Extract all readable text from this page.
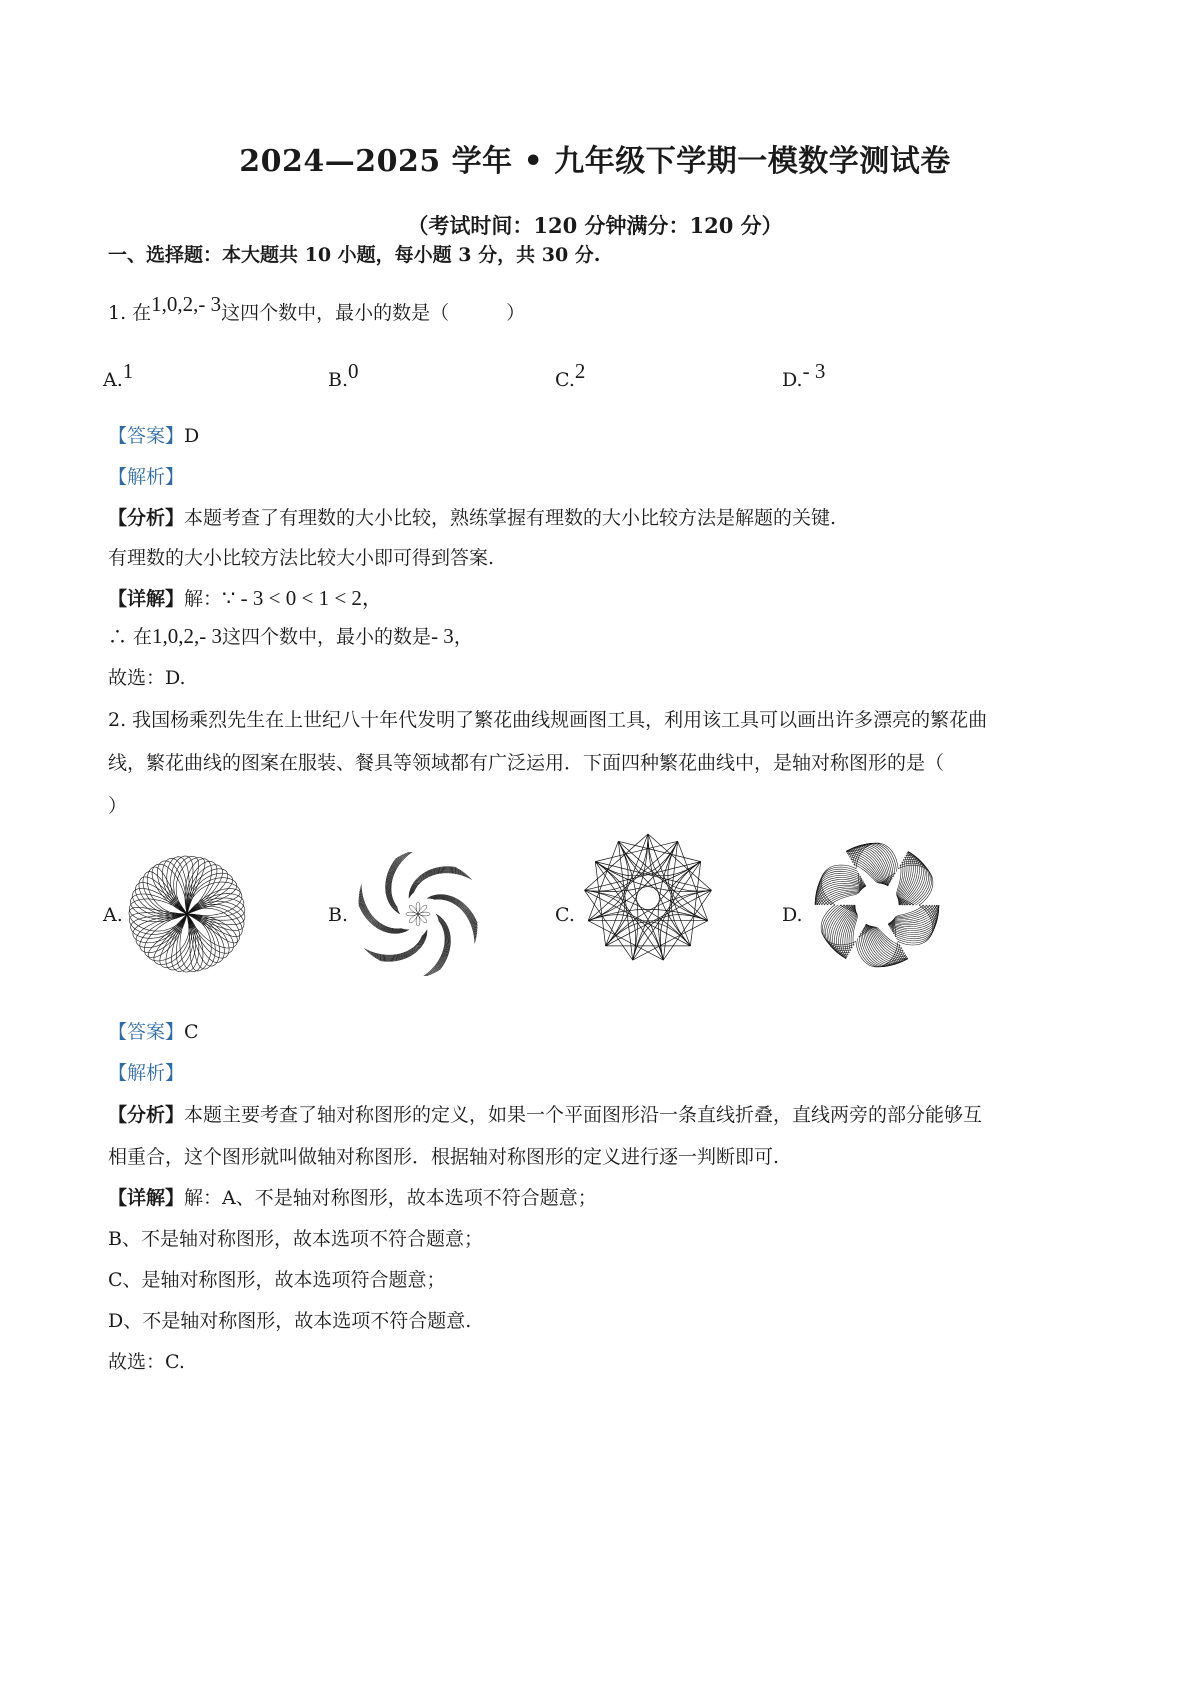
2024—2025 学年 • 九年级下学期一模数学测试卷
（考试时间：120 分钟满分：120 分）
一、选择题：本大题共 10 小题，每小题 3 分，共 30 分.
1. 在1,0,2,- 3这四个数中，最小的数是（　　　）
A.1	B.0	C.2	D.- 3
【答案】D
【解析】
【分析】本题考查了有理数的大小比较，熟练掌握有理数的大小比较方法是解题的关键.
有理数的大小比较方法比较大小即可得到答案.
【详解】解：∵ - 3 < 0 < 1 < 2，
∴ 在1,0,2,- 3这四个数中，最小的数是- 3，
故选：D.
2. 我国杨乘烈先生在上世纪八十年代发明了繁花曲线规画图工具，利用该工具可以画出许多漂亮的繁花曲
线，繁花曲线的图案在服装、餐具等领域都有广泛运用．下面四种繁花曲线中，是轴对称图形的是（
）
A.	B.	C.	D.
【答案】C
【解析】
【分析】本题主要考查了轴对称图形的定义，如果一个平面图形沿一条直线折叠，直线两旁的部分能够互
相重合，这个图形就叫做轴对称图形．根据轴对称图形的定义进行逐一判断即可.
【详解】解：A、不是轴对称图形，故本选项不符合题意；
B、不是轴对称图形，故本选项不符合题意；
C、是轴对称图形，故本选项符合题意；
D、不是轴对称图形，故本选项不符合题意.
故选：C.
